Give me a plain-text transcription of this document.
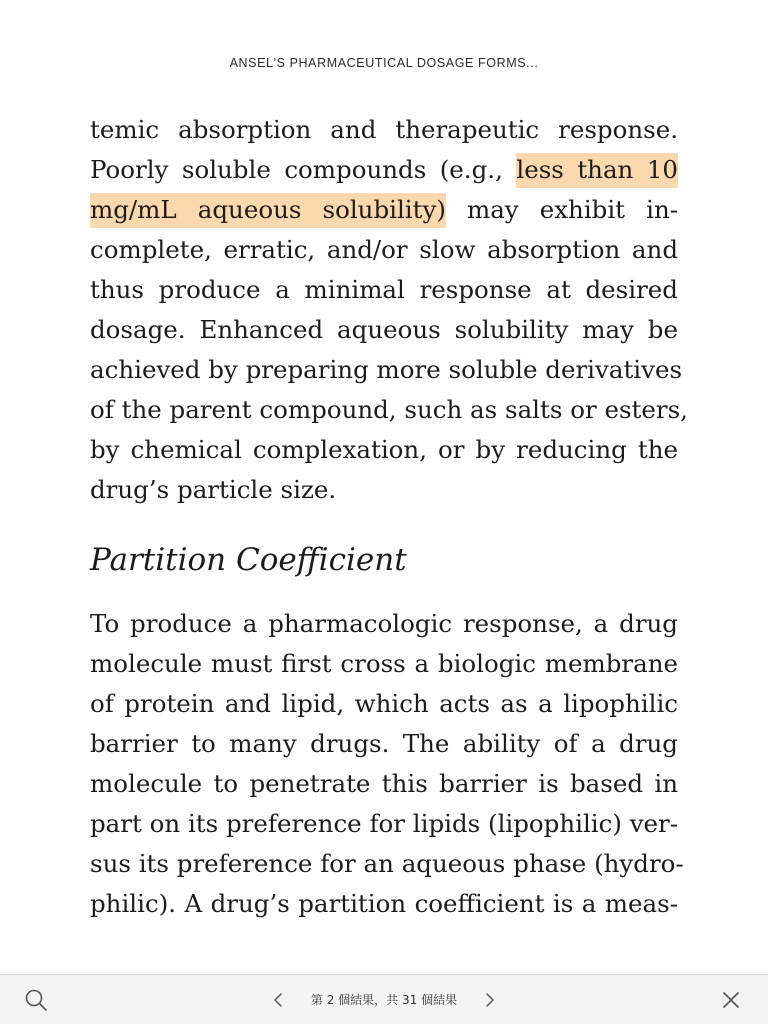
ANSEL'S PHARMACEUTICAL DOSAGE FORMS...

temic absorption and therapeutic response.
Poorly soluble compounds (e.g., less than 10
mg/mL aqueous solubility) may exhibit in-
complete, erratic, and/or slow absorption and
thus produce a minimal response at desired
dosage. Enhanced aqueous solubility may be
achieved by preparing more soluble derivatives
of the parent compound, such as salts or esters,
by chemical complexation, or by reducing the
drug’s particle size.

Partition Coefficient

To produce a pharmacologic response, a drug
molecule must first cross a biologic membrane
of protein and lipid, which acts as a lipophilic
barrier to many drugs. The ability of a drug
molecule to penetrate this barrier is based in
part on its preference for lipids (lipophilic) ver-
sus its preference for an aqueous phase (hydro-
philic). A drug’s partition coefficient is a meas-

第 2 個結果，共 31 個結果
